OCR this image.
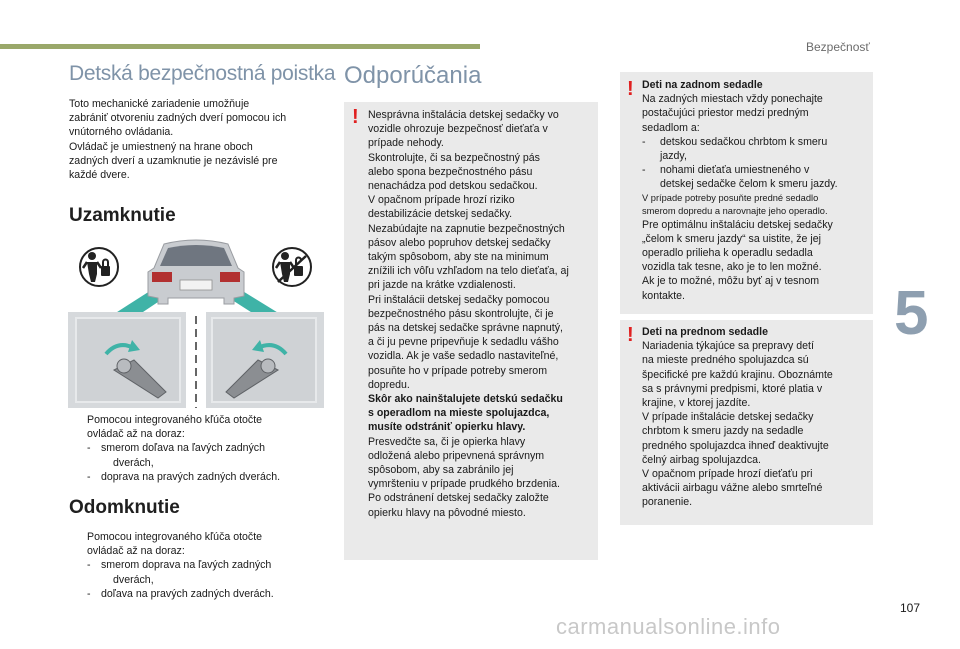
Bezpečnosť
5
107
carmanualsonline.info
Detská bezpečnostná poistka
Toto mechanické zariadenie umožňuje
zabrániť otvoreniu zadných dverí pomocou ich
vnútorného ovládania.
Ovládač je umiestnený na hrane oboch
zadných dverí a uzamknutie je nezávislé pre
každé dvere.
Uzamknutie
Pomocou integrovaného kľúča otočte
ovládač až na doraz:
- smerom doľava na ľavých zadných
dverách,
- doprava na pravých zadných dverách.
Odomknutie
Pomocou integrovaného kľúča otočte
ovládač až na doraz:
- smerom doprava na ľavých zadných
dverách,
- doľava na pravých zadných dverách.
Odporúčania
! Nesprávna inštalácia detskej sedačky vo
vozidle ohrozuje bezpečnosť dieťaťa v
prípade nehody.
Skontrolujte, či sa bezpečnostný pás
alebo spona bezpečnostného pásu
nenachádza pod detskou sedačkou.
V opačnom prípade hrozí riziko
destabilizácie detskej sedačky.
Nezabúdajte na zapnutie bezpečnostných
pásov alebo popruhov detskej sedačky
takým spôsobom, aby ste na minimum
znížili ich vôľu vzhľadom na telo dieťaťa, aj
pri jazde na krátke vzdialenosti.
Pri inštalácii detskej sedačky pomocou
bezpečnostného pásu skontrolujte, či je
pás na detskej sedačke správne napnutý,
a či ju pevne pripevňuje k sedadlu vášho
vozidla. Ak je vaše sedadlo nastaviteľné,
posuňte ho v prípade potreby smerom
dopredu.
Skôr ako nainštalujete detskú sedačku
s operadlom na mieste spolujazdca,
musíte odstrániť opierku hlavy.
Presvedčte sa, či je opierka hlavy
odložená alebo pripevnená správnym
spôsobom, aby sa zabránilo jej
vymršteniu v prípade prudkého brzdenia.
Po odstránení detskej sedačky založte
opierku hlavy na pôvodné miesto.
! Deti na zadnom sedadle
Na zadných miestach vždy ponechajte
postačujúci priestor medzi predným
sedadlom a:
-	detskou sedačkou chrbtom k smeru
jazdy,
-	nohami dieťaťa umiestneného v
detskej sedačke čelom k smeru jazdy.
V prípade potreby posuňte predné sedadlo
smerom dopredu a narovnajte jeho operadlo.
Pre optimálnu inštaláciu detskej sedačky
„čelom k smeru jazdy“ sa uistite, že jej
operadlo prilieha k operadlu sedadla
vozidla tak tesne, ako je to len možné.
Ak je to možné, môžu byť aj v tesnom
kontakte.
! Deti na prednom sedadle
Nariadenia týkajúce sa prepravy detí
na mieste predného spolujazdca sú
špecifické pre každú krajinu. Oboznámte
sa s právnymi predpismi, ktoré platia v
krajine, v ktorej jazdíte.
V prípade inštalácie detskej sedačky
chrbtom k smeru jazdy na sedadle
predného spolujazdca ihneď deaktivujte
čelný airbag spolujazdca.
V opačnom prípade hrozí dieťaťu pri
aktivácii airbagu vážne alebo smrteľné
poranenie.
